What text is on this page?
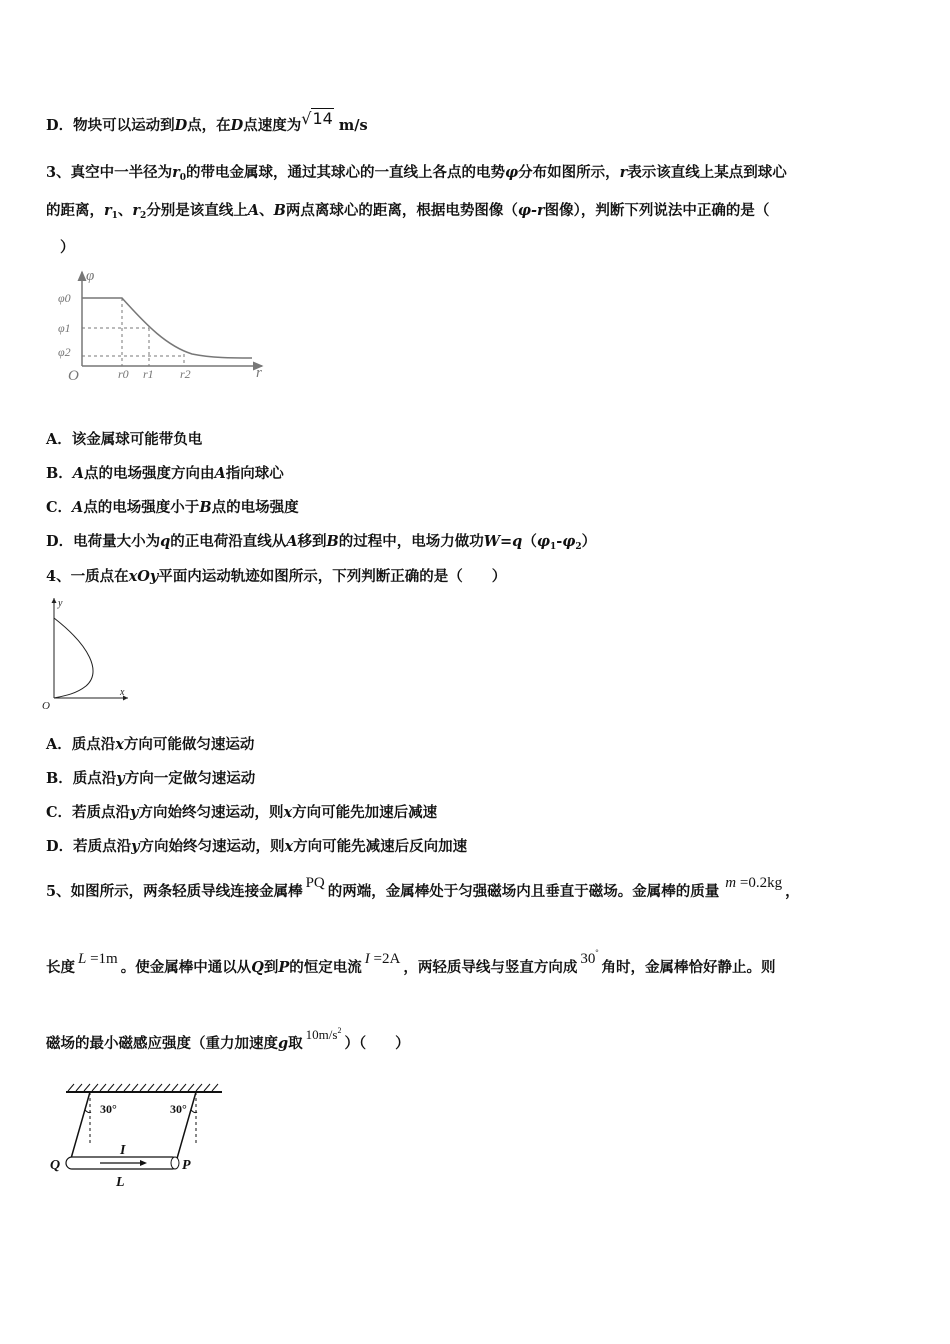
D．物块可以运动到D点，在D点速度为√14 m/s
3、真空中一半径为$r_0$的带电金属球，通过其球心的一直线上各点的电势φ分布如图所示，r表示该直线上某点到球心
的距离，$r_1$、$r_2$分别是该直线上A、B两点离球心的距离，根据电势图像（φ-r图像），判断下列说法中正确的是（
）
φ
r
O
φ0
φ1
φ2
r0 r1 r2
A．该金属球可能带负电
B．A点的电场强度方向由A指向球心
C．A点的电场强度小于B点的电场强度
D．电荷量大小为q的正电荷沿直线从A移到B的过程中，电场力做功$W=q(\varphi_1-\varphi_2)$
4、一质点在xOy平面内运动轨迹如图所示，下列判断正确的是（　　）
y
x
O
A．质点沿x方向可能做匀速运动
B．质点沿y方向一定做匀速运动
C．若质点沿y方向始终匀速运动，则x方向可能先加速后减速
D．若质点沿y方向始终匀速运动，则x方向可能先减速后反向加速
5、如图所示，两条轻质导线连接金属棒 PQ 的两端，金属棒处于匀强磁场内且垂直于磁场。金属棒的质量 m =0.2kg ，
长度 L =1m 。使金属棒中通以从Q到P的恒定电流 I =2A ，两轻质导线与竖直方向成 30°角时，金属棒恰好静止。则
磁场的最小磁感应强度（重力加速度g取$10m/s^2$）（　　）
30°	30°
Q	P
I
L
